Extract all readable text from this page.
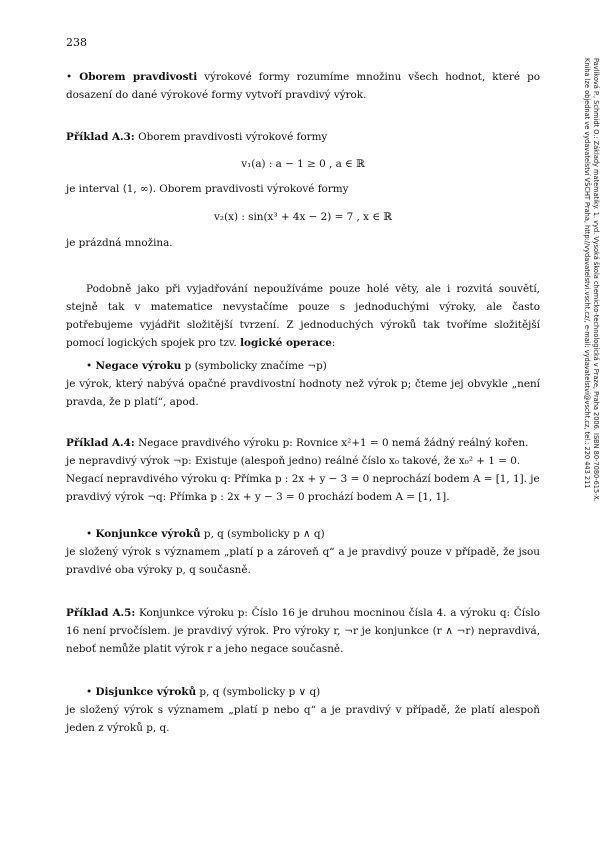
238
Pavlíková P., Schmidt O.: Základy matematiky. 1. vyd. Vysoká škola chemicko-technologická v Praze, Praha 2006. ISBN 80-7080-615-X.
Kniha lze objednat ve vydavatelství VŠCHT Praha, http://vydavatelstvi.vscht.cz/, e-mail: vydavatelstvi@vscht.cz, tel.: 220 443 211
• Oborem pravdivosti výrokové formy rozumíme množinu všech hodnot, které po dosazení do dané výrokové formy vytvoří pravdivý výrok.
Příklad A.3: Oborem pravdivosti výrokové formy
v₁(a) : a − 1 ≥ 0 , a ∈ ℝ
je interval ⟨1, ∞). Oborem pravdivosti výrokové formy
v₂(x) : sin(x³ + 4x − 2) = 7 , x ∈ ℝ
je prázdná množina.
Podobně jako při vyjadřování nepoužíváme pouze holé věty, ale i rozvitá souvětí, stejně tak v matematice nevystačíme pouze s jednoduchými výroky, ale často potřebujeme vyjádřit složitější tvrzení. Z jednoduchých výroků tak tvoříme složitější pomocí logických spojek pro tzv. logické operace:
• Negace výroku p (symbolicky značíme ¬p)
je výrok, který nabývá opačné pravdivostní hodnoty než výrok p; čteme jej obvykle „není pravda, že p platí“, apod.
Příklad A.4: Negace pravdivého výroku p: Rovnice x²+1 = 0 nemá žádný reálný kořen.
je nepravdivý výrok ¬p: Existuje (alespoň jedno) reálné číslo x₀ takové, že x₀² + 1 = 0.
Negací nepravdivého výroku q: Přímka p : 2x + y − 3 = 0 neprochází bodem A = [1, 1]. je
pravdivý výrok ¬q: Přímka p : 2x + y − 3 = 0 prochází bodem A = [1, 1].
• Konjunkce výroků p, q (symbolicky p ∧ q)
je složený výrok s významem „platí p a zároveň q“ a je pravdivý pouze v případě, že jsou pravdivé oba výroky p, q současně.
Příklad A.5: Konjunkce výroku p: Číslo 16 je druhou mocninou čísla 4. a výroku q: Číslo 16 není prvočíslem. je pravdivý výrok. Pro výroky r, ¬r je konjunkce (r ∧ ¬r) nepravdivá, neboť nemůže platit výrok r a jeho negace současně.
• Disjunkce výroků p, q (symbolicky p ∨ q)
je složený výrok s významem „platí p nebo q“ a je pravdivý v případě, že platí alespoň jeden z výroků p, q.
